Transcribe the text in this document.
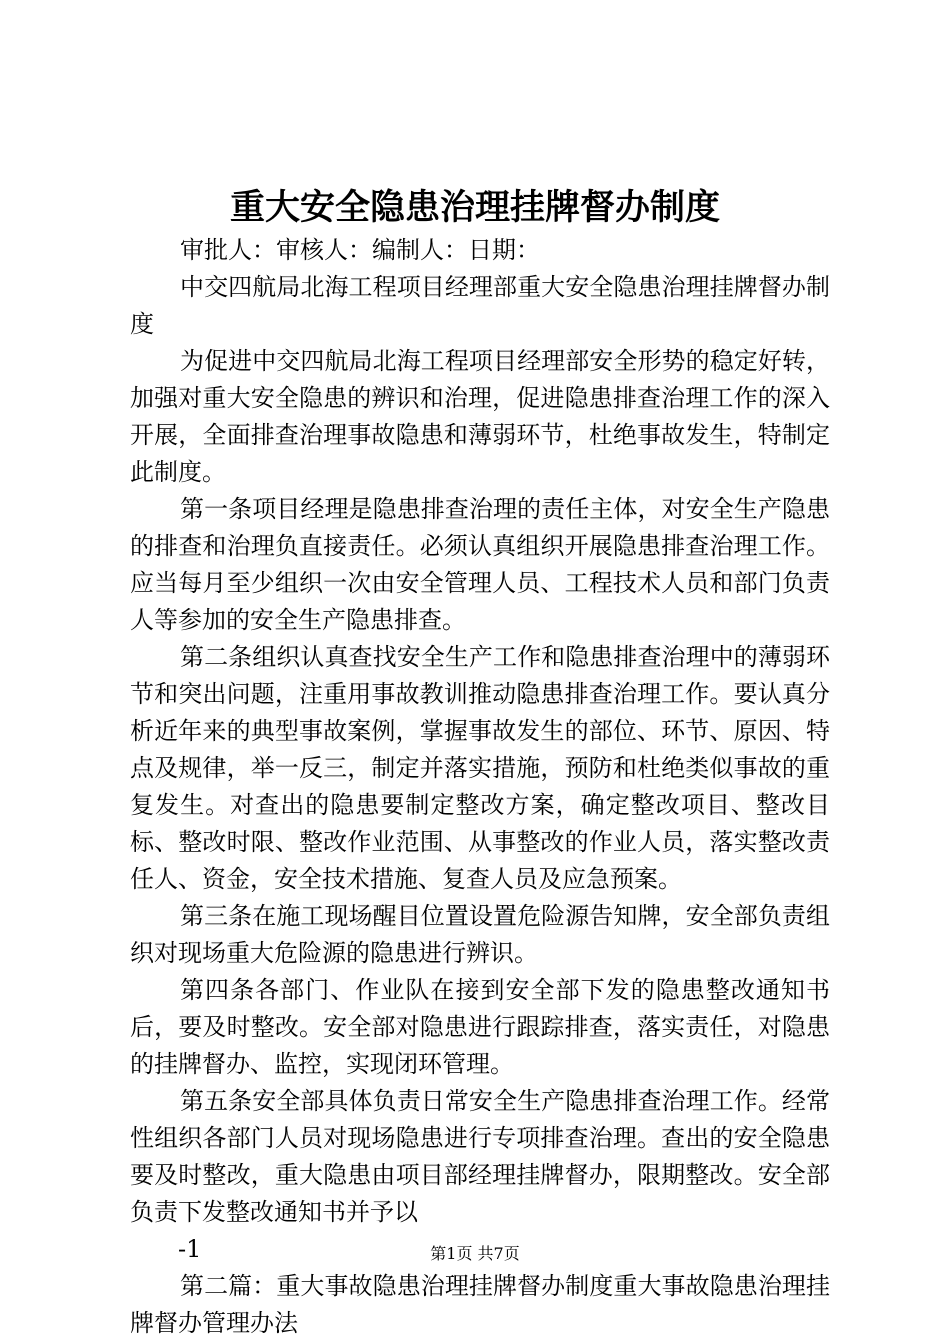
重大安全隐患治理挂牌督办制度

审批人：审核人：编制人：日期：

中交四航局北海工程项目经理部重大安全隐患治理挂牌督办制度

为促进中交四航局北海工程项目经理部安全形势的稳定好转，加强对重大安全隐患的辨识和治理，促进隐患排查治理工作的深入开展，全面排查治理事故隐患和薄弱环节，杜绝事故发生，特制定此制度。

第一条项目经理是隐患排查治理的责任主体，对安全生产隐患的排查和治理负直接责任。必须认真组织开展隐患排查治理工作。应当每月至少组织一次由安全管理人员、工程技术人员和部门负责人等参加的安全生产隐患排查。

第二条组织认真查找安全生产工作和隐患排查治理中的薄弱环节和突出问题，注重用事故教训推动隐患排查治理工作。要认真分析近年来的典型事故案例，掌握事故发生的部位、环节、原因、特点及规律，举一反三，制定并落实措施，预防和杜绝类似事故的重复发生。对查出的隐患要制定整改方案，确定整改项目、整改目标、整改时限、整改作业范围、从事整改的作业人员，落实整改责任人、资金，安全技术措施、复查人员及应急预案。

第三条在施工现场醒目位置设置危险源告知牌，安全部负责组织对现场重大危险源的隐患进行辨识。

第四条各部门、作业队在接到安全部下发的隐患整改通知书后，要及时整改。安全部对隐患进行跟踪排查，落实责任，对隐患的挂牌督办、监控，实现闭环管理。

第五条安全部具体负责日常安全生产隐患排查治理工作。经常性组织各部门人员对现场隐患进行专项排查治理。查出的安全隐患要及时整改，重大隐患由项目部经理挂牌督办，限期整改。安全部负责下发整改通知书并予以

-1

第二篇：重大事故隐患治理挂牌督办制度重大事故隐患治理挂牌督办管理办法

第1页 共7页
